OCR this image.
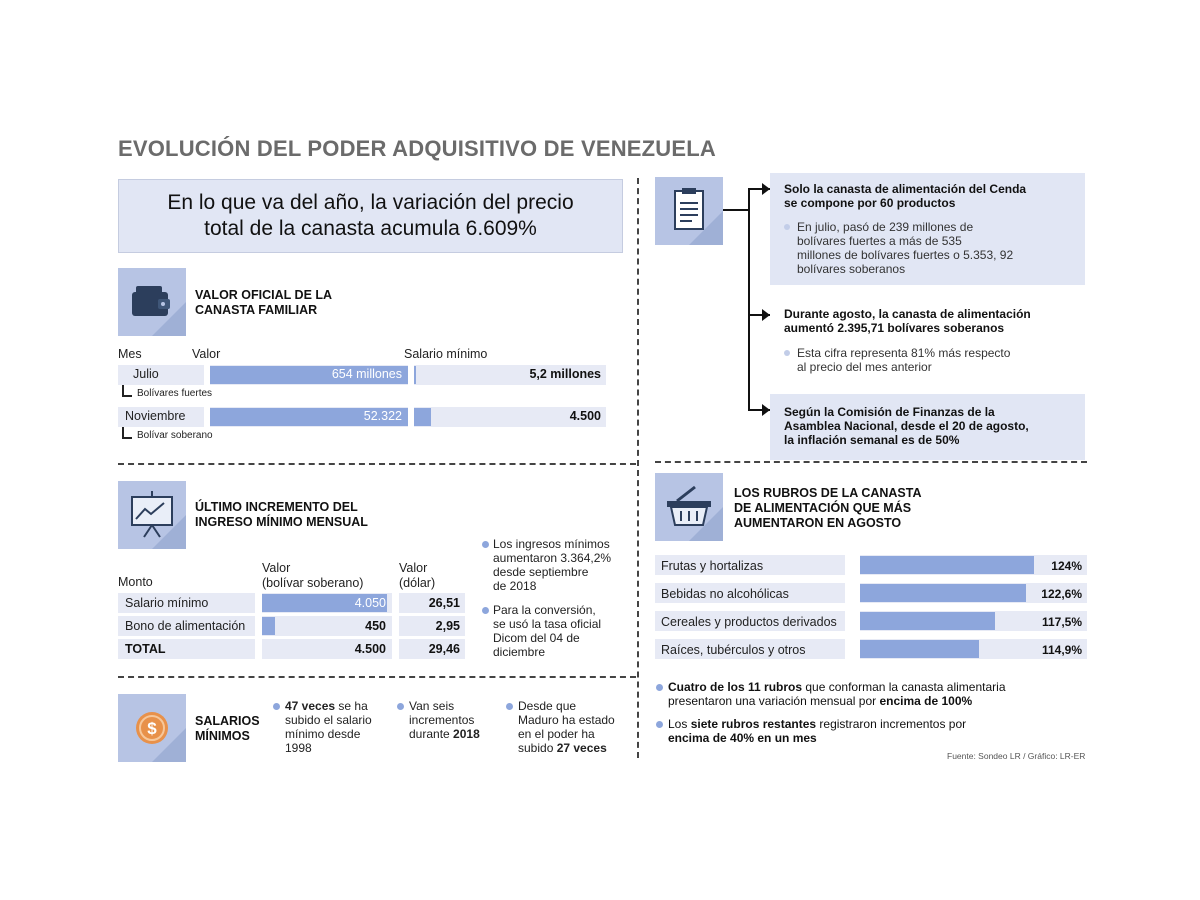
EVOLUCIÓN DEL PODER ADQUISITIVO DE VENEZUELA
En lo que va del año, la variación del precio
total de la canasta acumula 6.609%
VALOR OFICIAL DE LA
CANASTA FAMILIAR
Mes	Valor	Salario mínimo
Julio	654 millones	5,2 millones
Bolívares fuertes
Noviembre	52.322	4.500
Bolívar soberano
ÚLTIMO INCREMENTO DEL
INGRESO MÍNIMO MENSUAL
Monto
Valor
(bolívar soberano)
Valor
(dólar)
Salario mínimo	4.050	26,51
Bono de alimentación	450	2,95
TOTAL	4.500	29,46
Los ingresos mínimos
aumentaron 3.364,2%
desde septiembre
de 2018
Para la conversión,
se usó la tasa oficial
Dicom del 04 de
diciembre
$	SALARIOS
MÍNIMOS
47 veces se ha
subido el salario
mínimo desde
1998
Van seis
incrementos
durante 2018
Desde que
Maduro ha estado
en el poder ha
subido 27 veces
Solo la canasta de alimentación del Cenda
se compone por 60 productos
En julio, pasó de 239 millones de
bolívares fuertes a más de 535
millones de bolívares fuertes o 5.353, 92
bolívares soberanos
Durante agosto, la canasta de alimentación
aumentó 2.395,71 bolívares soberanos
Esta cifra representa 81% más respecto
al precio del mes anterior
Según la Comisión de Finanzas de la
Asamblea Nacional, desde el 20 de agosto,
la inflación semanal es de 50%
LOS RUBROS DE LA CANASTA
DE ALIMENTACIÓN QUE MÁS
AUMENTARON EN AGOSTO
Frutas y hortalizas	124%
Bebidas no alcohólicas	122,6%
Cereales y productos derivados	117,5%
Raíces, tubérculos y otros	114,9%
Cuatro de los 11 rubros que conforman la canasta alimentaria
presentaron una variación mensual por encima de 100%
Los siete rubros restantes registraron incrementos por
encima de 40% en un mes
Fuente: Sondeo LR / Gráfico: LR-ER
